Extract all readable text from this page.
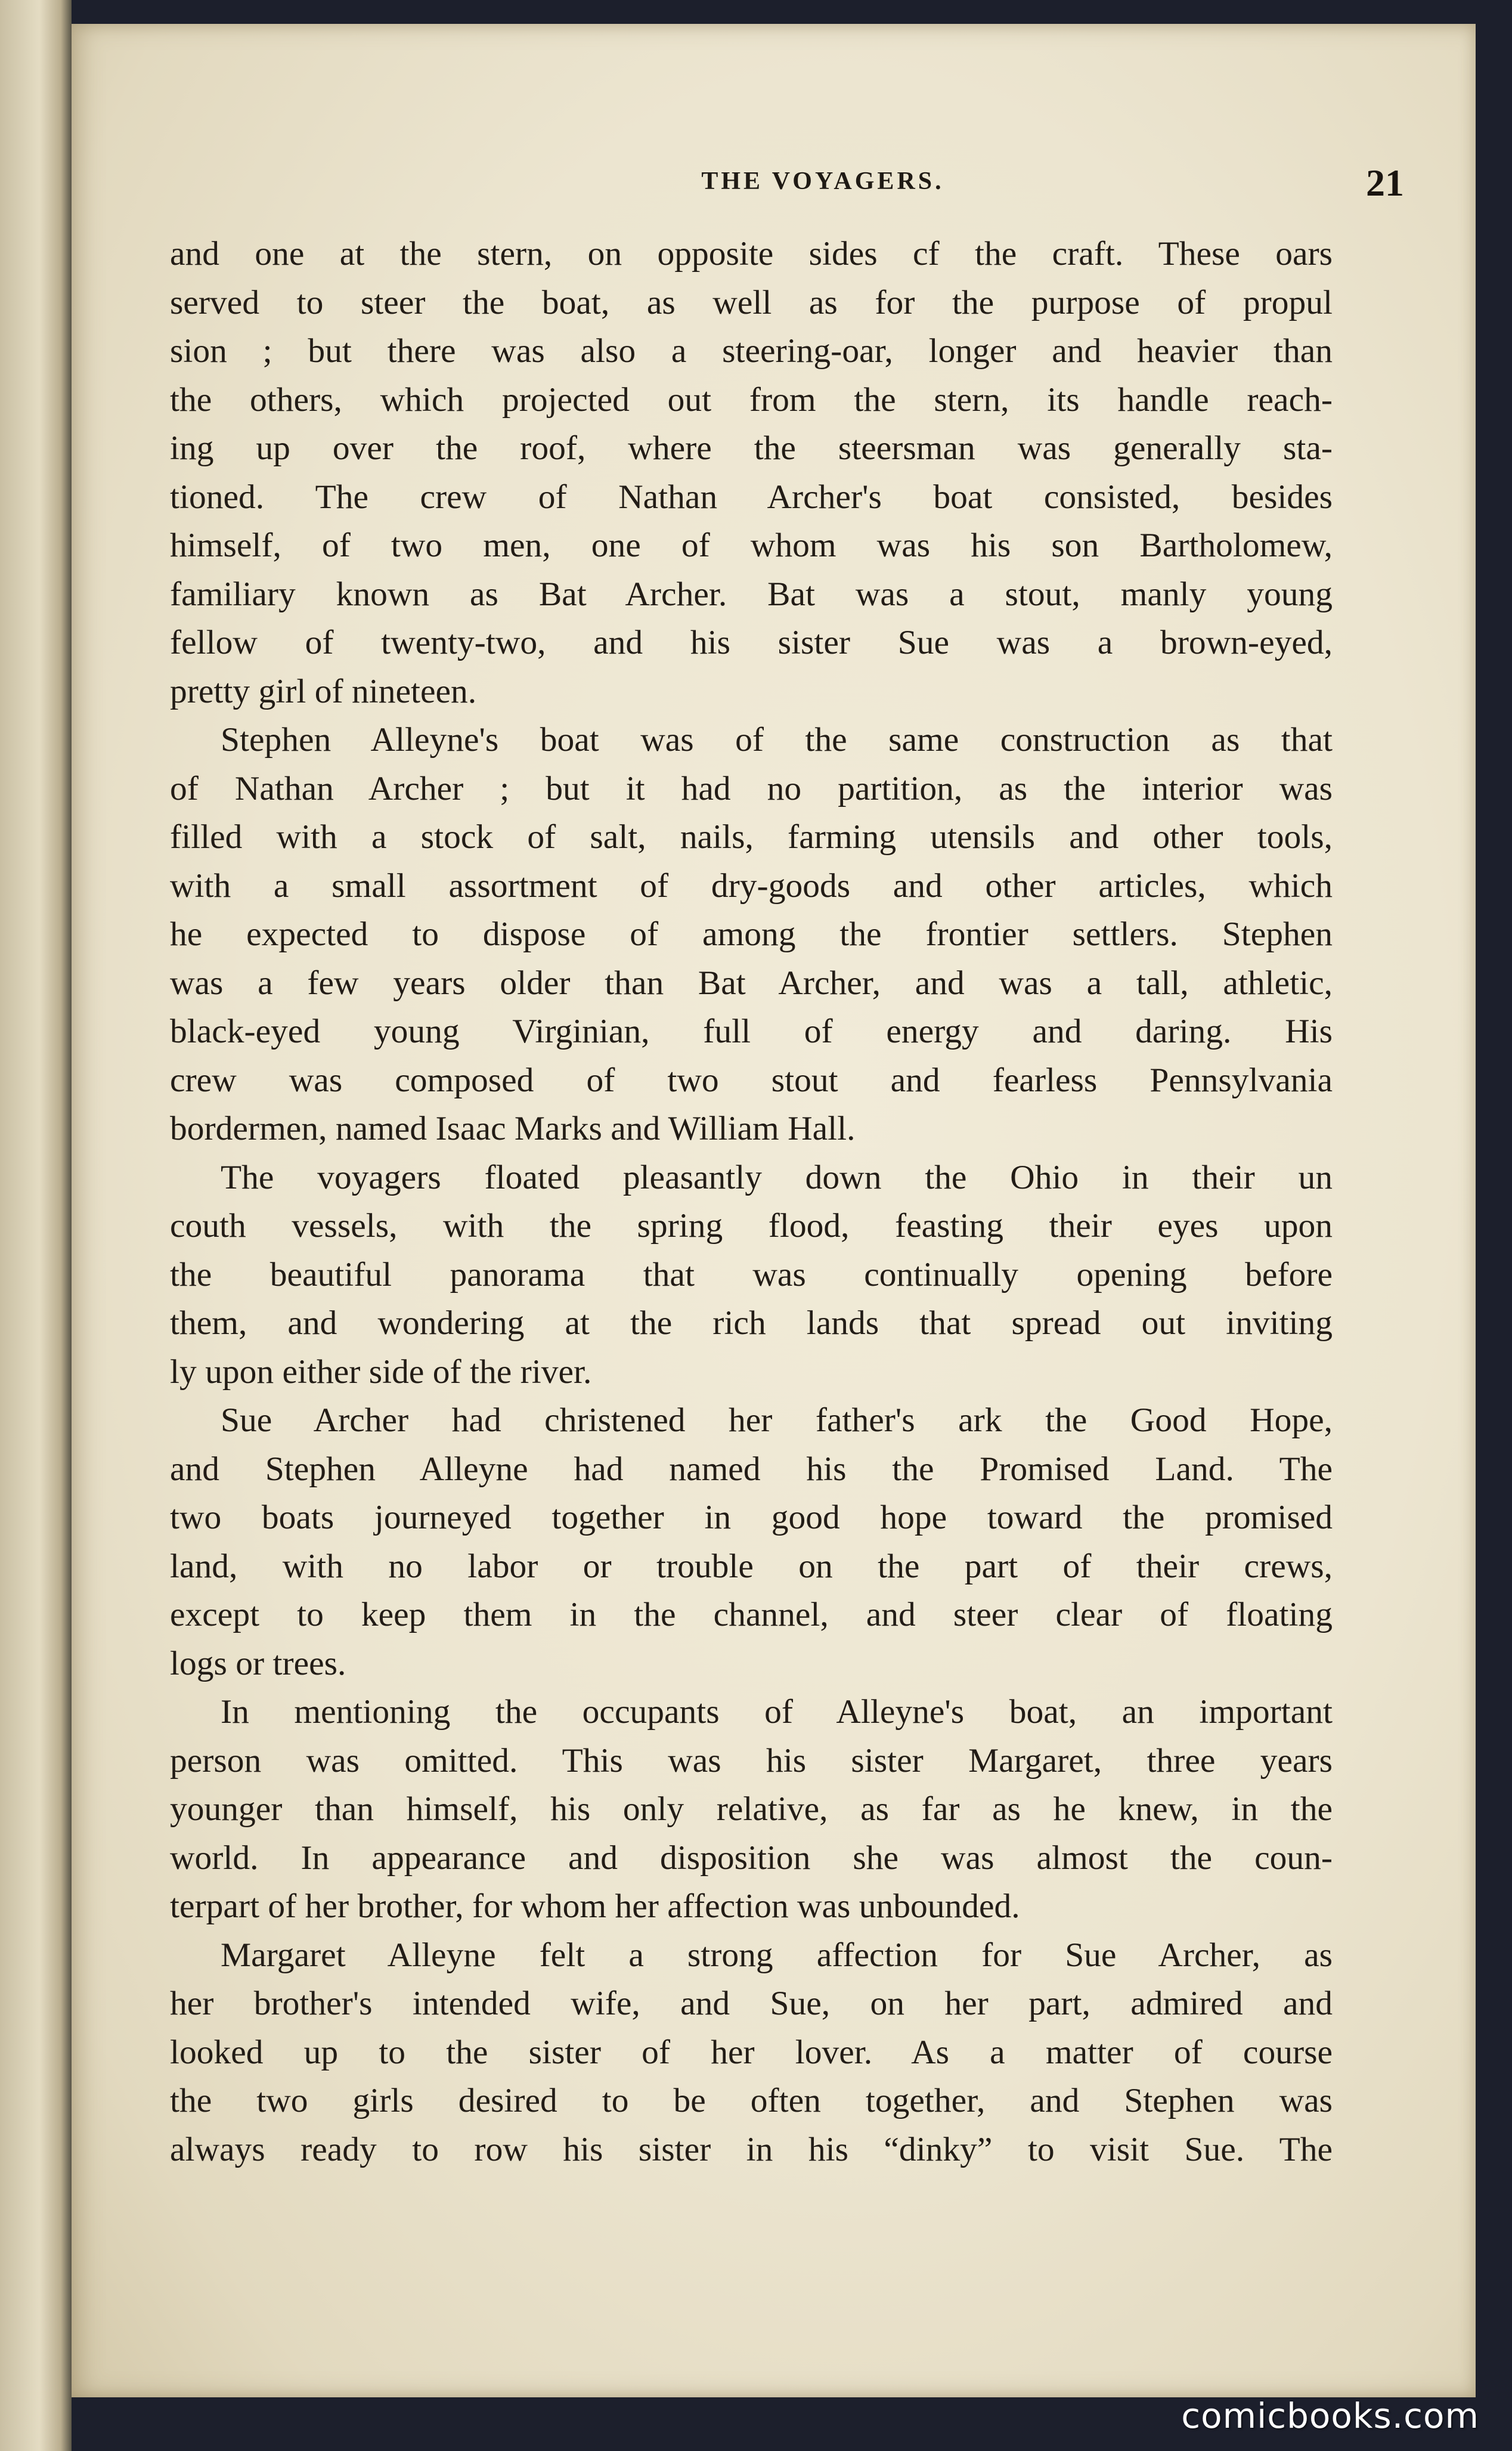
THE VOYAGERS.	21

and one at the stern, on opposite sides cf the craft. These oars
served to steer the boat, as well as for the purpose of propul
sion ; but there was also a steering-oar, longer and heavier than
the others, which projected out from the stern, its handle reach-
ing up over the roof, where the steersman was generally sta-
tioned. The crew of Nathan Archer's boat consisted, besides
himself, of two men, one of whom was his son Bartholomew,
familiary known as Bat Archer. Bat was a stout, manly young
fellow of twenty-two, and his sister Sue was a brown-eyed,
pretty girl of nineteen.

Stephen Alleyne's boat was of the same construction as that
of Nathan Archer ; but it had no partition, as the interior was
filled with a stock of salt, nails, farming utensils and other tools,
with a small assortment of dry-goods and other articles, which
he expected to dispose of among the frontier settlers. Stephen
was a few years older than Bat Archer, and was a tall, athletic,
black-eyed young Virginian, full of energy and daring. His
crew was composed of two stout and fearless Pennsylvania
bordermen, named Isaac Marks and William Hall.

The voyagers floated pleasantly down the Ohio in their un
couth vessels, with the spring flood, feasting their eyes upon
the beautiful panorama that was continually opening before
them, and wondering at the rich lands that spread out inviting
ly upon either side of the river.

Sue Archer had christened her father's ark the Good Hope,
and Stephen Alleyne had named his the Promised Land. The
two boats journeyed together in good hope toward the promised
land, with no labor or trouble on the part of their crews,
except to keep them in the channel, and steer clear of floating
logs or trees.

In mentioning the occupants of Alleyne's boat, an important
person was omitted. This was his sister Margaret, three years
younger than himself, his only relative, as far as he knew, in the
world. In appearance and disposition she was almost the coun-
terpart of her brother, for whom her affection was unbounded.

Margaret Alleyne felt a strong affection for Sue Archer, as
her brother's intended wife, and Sue, on her part, admired and
looked up to the sister of her lover. As a matter of course
the two girls desired to be often together, and Stephen was
always ready to row his sister in his “dinky” to visit Sue. The

comicbooks.com
